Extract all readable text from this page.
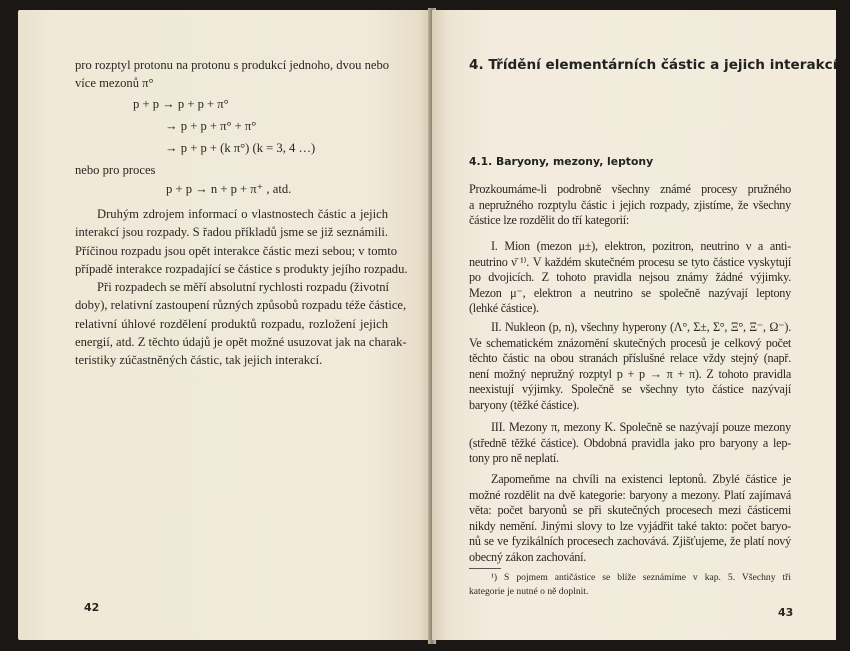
pro rozptyl protonu na protonu s produkcí jednoho, dvou nebo
více mezonů π°
p + p → p + p + π°
→ p + p + π° + π°
→ p + p + (k π°) (k = 3, 4 …)
nebo pro proces
p + p → n + p + π⁺ , atd.
Druhým zdrojem informací o vlastnostech částic a jejich
interakcí jsou rozpady. S řadou příkladů jsme se již seznámili.
Příčinou rozpadu jsou opět interakce částic mezi sebou; v tomto
případě interakce rozpadající se částice s produkty jejího rozpadu.
Při rozpadech se měří absolutní rychlosti rozpadu (životní
doby), relativní zastoupení různých způsobů rozpadu téže částice,
relativní úhlové rozdělení produktů rozpadu, rozložení jejich
energií, atd. Z těchto údajů je opět možné usuzovat jak na charak-
teristiky zúčastněných částic, tak jejich interakcí.
42
4. Třídění elementárních částic a jejich interakcí
4.1. Baryony, mezony, leptony
Prozkoumáme-li podrobně všechny známé procesy pružného
a nepružného rozptylu částic i jejich rozpady, zjistíme, že všechny
částice lze rozdělit do tří kategorií:
I. Mion (mezon μ±), elektron, pozitron, neutrino ν a anti-
neutrino ν̄ ¹⁾. V každém skutečném procesu se tyto částice vyskytují
po dvojicích. Z tohoto pravidla nejsou známy žádné výjimky.
Mezon μ⁻, elektron a neutrino se společně nazývají leptony
(lehké částice).
II. Nukleon (p, n), všechny hyperony (Λ°, Σ±, Σ°, Ξ°, Ξ⁻, Ω⁻).
Ve schematickém znázornění skutečných procesů je celkový počet
těchto částic na obou stranách příslušné relace vždy stejný (např.
není možný nepružný rozptyl p + p → π + π). Z tohoto pravidla
neexistují výjimky. Společně se všechny tyto částice nazývají
baryony (těžké částice).
III. Mezony π, mezony K. Společně se nazývají pouze mezony
(středně těžké částice). Obdobná pravidla jako pro baryony a lep-
tony pro ně neplatí.
Zapomeňme na chvíli na existenci leptonů. Zbylé částice je
možné rozdělit na dvě kategorie: baryony a mezony. Platí zajímavá
věta: počet baryonů se při skutečných procesech mezi částicemi
nikdy nemění. Jinými slovy to lze vyjádřit také takto: počet baryo-
nů se ve fyzikálních procesech zachovává. Zjišťujeme, že platí nový
obecný zákon zachování.
¹) S pojmem antičástice se blíže seznámíme v kap. 5. Všechny tři
kategorie je nutné o ně doplnit.
43
